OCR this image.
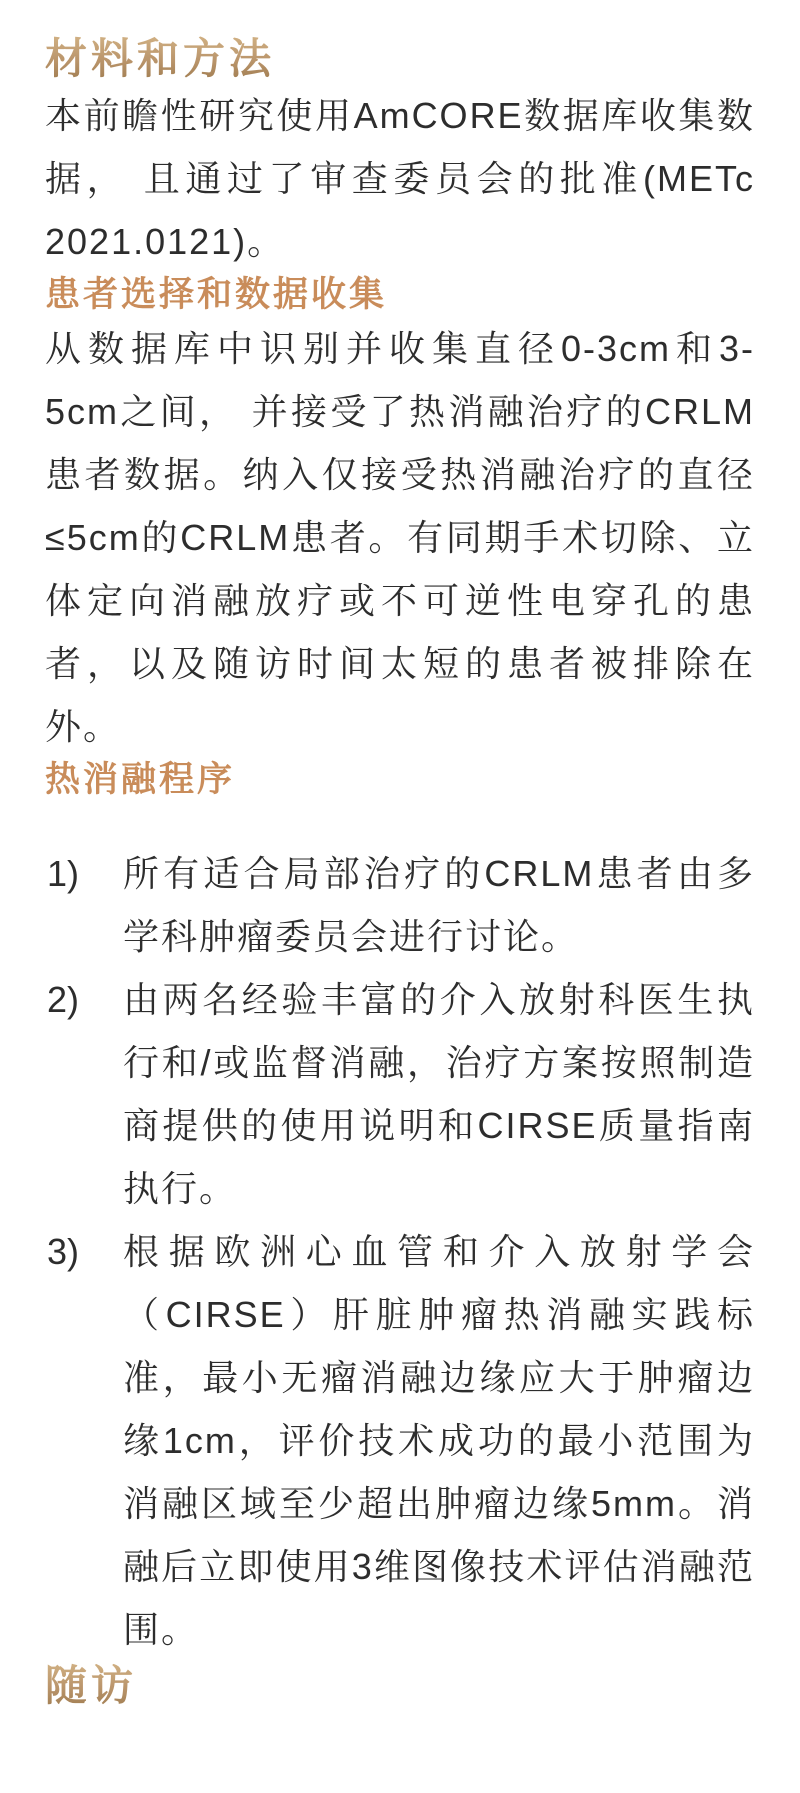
材料和方法

本前瞻性研究使用AmCORE数据库收集数据， 且通过了审查委员会的批准(METc 2021.0121)。

患者选择和数据收集

从数据库中识别并收集直径0-3cm和3-5cm之间， 并接受了热消融治疗的CRLM患者数据。纳入仅接受热消融治疗的直径≤5cm的CRLM患者。有同期手术切除、立体定向消融放疗或不可逆性电穿孔的患者，以及随访时间太短的患者被排除在外。

热消融程序
1) 所有适合局部治疗的CRLM患者由多学科肿瘤委员会进行讨论。
2) 由两名经验丰富的介入放射科医生执行和/或监督消融，治疗方案按照制造商提供的使用说明和CIRSE质量指南执行。
3) 根据欧洲心血管和介入放射学会（CIRSE）肝脏肿瘤热消融实践标准，最小无瘤消融边缘应大于肿瘤边缘1cm，评价技术成功的最小范围为消融区域至少超出肿瘤边缘5mm。消融后立即使用3维图像技术评估消融范围。
随访
